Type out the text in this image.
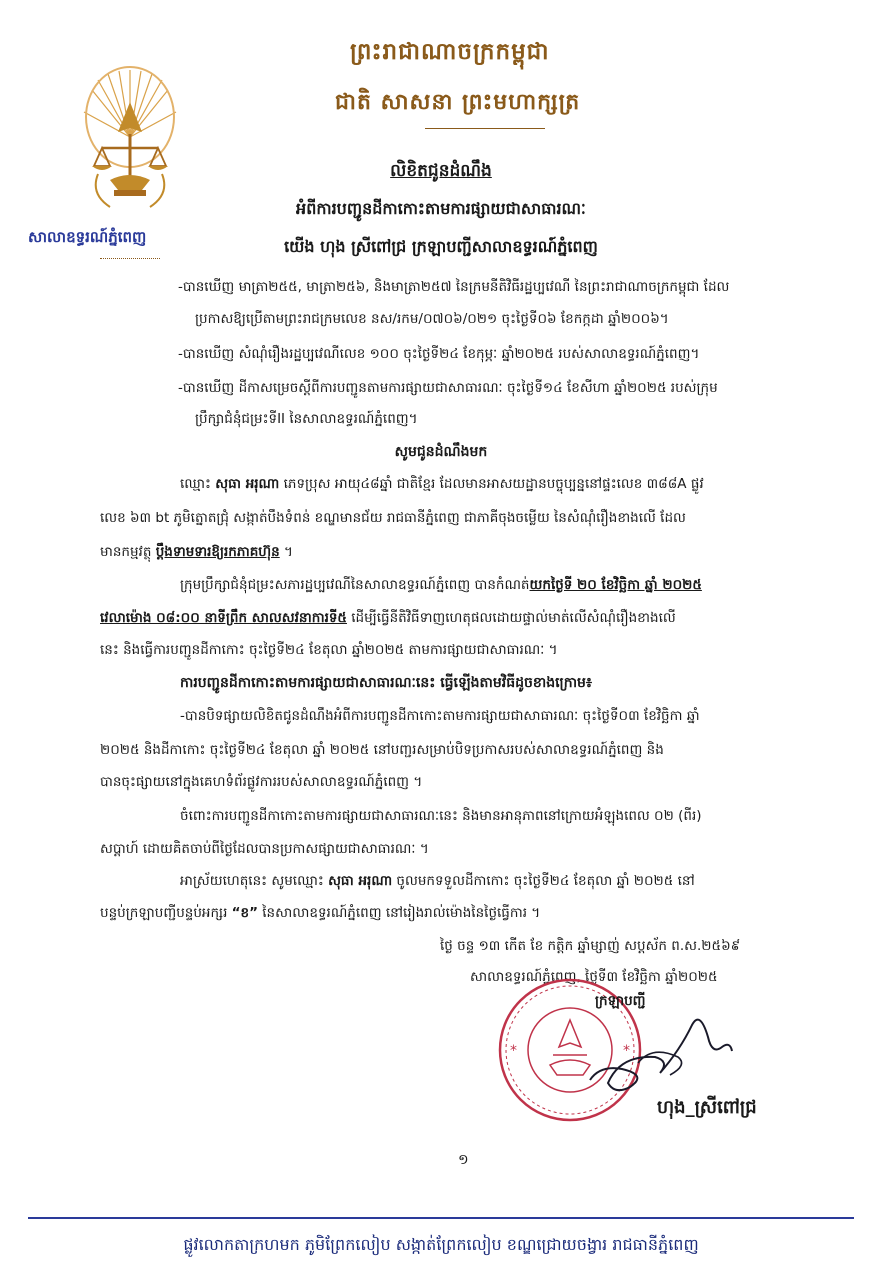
ព្រះរាជាណាចក្រកម្ពុជា
ជាតិ សាសនា ព្រះមហាក្សត្រ
សាលាឧទ្ធរណ៍ភ្នំពេញ
លិខិតជូនដំណឹង
អំពីការបញ្ជូនដីកាកោះតាមការផ្សាយជាសាធារណៈ
យើង ហុង ស្រីពៅជ្រ ក្រឡាបញ្ជីសាលាឧទ្ធរណ៍ភ្នំពេញ
-បានឃើញ មាត្រា២៥៥, មាត្រា២៥៦, និងមាត្រា២៥៧ នៃក្រមនីតិវិធីរដ្ឋប្បវេណី នៃព្រះរាជាណាចក្រកម្ពុជា ដែល
ប្រកាសឱ្យប្រើតាមព្រះរាជក្រមលេខ នស/រកម/០៧០៦/០២១ ចុះថ្ងៃទី០៦ ខែកក្កដា ឆ្នាំ២០០៦។
-បានឃើញ សំណុំរឿងរដ្ឋប្បវេណីលេខ ១០០ ចុះថ្ងៃទី២៤ ខែកុម្ភៈ ឆ្នាំ២០២៥ របស់សាលាឧទ្ធរណ៍ភ្នំពេញ។
-បានឃើញ ដីកាសម្រេចស្តីពីការបញ្ជូនតាមការផ្សាយជាសាធារណៈ ចុះថ្ងៃទី១៤ ខែសីហា ឆ្នាំ២០២៥ របស់ក្រុម
ប្រឹក្សាជំនុំជម្រះទីII នៃសាលាឧទ្ធរណ៍ភ្នំពេញ។
សូមជូនដំណឹងមក
ឈ្មោះ សុធា អរុណា ភេទប្រុស អាយុ៤៨ឆ្នាំ ជាតិខ្មែរ ដែលមានអាសយដ្ឋានបច្ចុប្បន្ននៅផ្ទះលេខ ៣៨៨A ផ្លូវ
លេខ ៦៣ bt ភូមិត្នោតជ្រុំ សង្កាត់បឹងទំពន់ ខណ្ឌមានជ័យ រាជធានីភ្នំពេញ ជាភាគីចុងចម្លើយ នៃសំណុំរឿងខាងលើ ដែល
មានកម្មវត្ថុ ប្តឹងទាមទារឱ្យរកភាគហ៊ុន ។
ក្រុមប្រឹក្សាជំនុំជម្រះសភារដ្ឋប្បវេណីនៃសាលាឧទ្ធរណ៍ភ្នំពេញ បានកំណត់យកថ្ងៃទី ២០ ខែវិច្ឆិកា ឆ្នាំ ២០២៥
វេលាម៉ោង ០៨:០០ នាទីព្រឹក សាលសវនាការទី៥ ដើម្បីធ្វើនីតិវិធីទាញហេតុផលដោយផ្ទាល់មាត់លើសំណុំរឿងខាងលើ
នេះ និងធ្វើការបញ្ជូនដីកាកោះ ចុះថ្ងៃទី២៤ ខែតុលា ឆ្នាំ២០២៥ តាមការផ្សាយជាសាធារណៈ ។
ការបញ្ជូនដីកាកោះតាមការផ្សាយជាសាធារណៈនេះ ធ្វើឡើងតាមវិធីដូចខាងក្រោម៖
-បានបិទផ្សាយលិខិតជូនដំណឹងអំពីការបញ្ជូនដីកាកោះតាមការផ្សាយជាសាធារណៈ ចុះថ្ងៃទី០៣ ខែវិច្ឆិកា ឆ្នាំ
២០២៥ និងដីកាកោះ ចុះថ្ងៃទី២៤ ខែតុលា ឆ្នាំ ២០២៥ នៅបញ្ជរសម្រាប់បិទប្រកាសរបស់សាលាឧទ្ធរណ៍ភ្នំពេញ និង
បានចុះផ្សាយនៅក្នុងគេហទំព័រផ្លូវការរបស់សាលាឧទ្ធរណ៍ភ្នំពេញ ។
ចំពោះការបញ្ជូនដីកាកោះតាមការផ្សាយជាសាធារណៈនេះ និងមានអានុភាពនៅក្រោយអំឡុងពេល ០២ (ពីរ)
សប្តាហ៍ ដោយគិតចាប់ពីថ្ងៃដែលបានប្រកាសផ្សាយជាសាធារណៈ ។
អាស្រ័យហេតុនេះ សូមឈ្មោះ សុធា អរុណា ចូលមកទទួលដីកាកោះ ចុះថ្ងៃទី២៤ ខែតុលា ឆ្នាំ ២០២៥ នៅ
បន្ទប់ក្រឡាបញ្ជីបន្ទប់អក្សរ “ខ” នៃសាលាឧទ្ធរណ៍ភ្នំពេញ នៅរៀងរាល់ម៉ោងនៃថ្ងៃធ្វើការ ។
ថ្ងៃ ចន្ទ ១៣ កើត ខែ កត្តិក ឆ្នាំម្សាញ់ សប្តស័ក ព.ស.២៥៦៩
សាលាឧទ្ធរណ៍ភ្នំពេញ, ថ្ងៃទី៣ ខែវិច្ឆិកា ឆ្នាំ២០២៥
*	*
ក្រឡាបញ្ជី
ហុង_ស្រីពៅជ្រ
១
ផ្លូវលោកតាក្រហមក ភូមិព្រែកលៀប សង្កាត់ព្រែកលៀប ខណ្ឌជ្រោយចង្វារ រាជធានីភ្នំពេញ
